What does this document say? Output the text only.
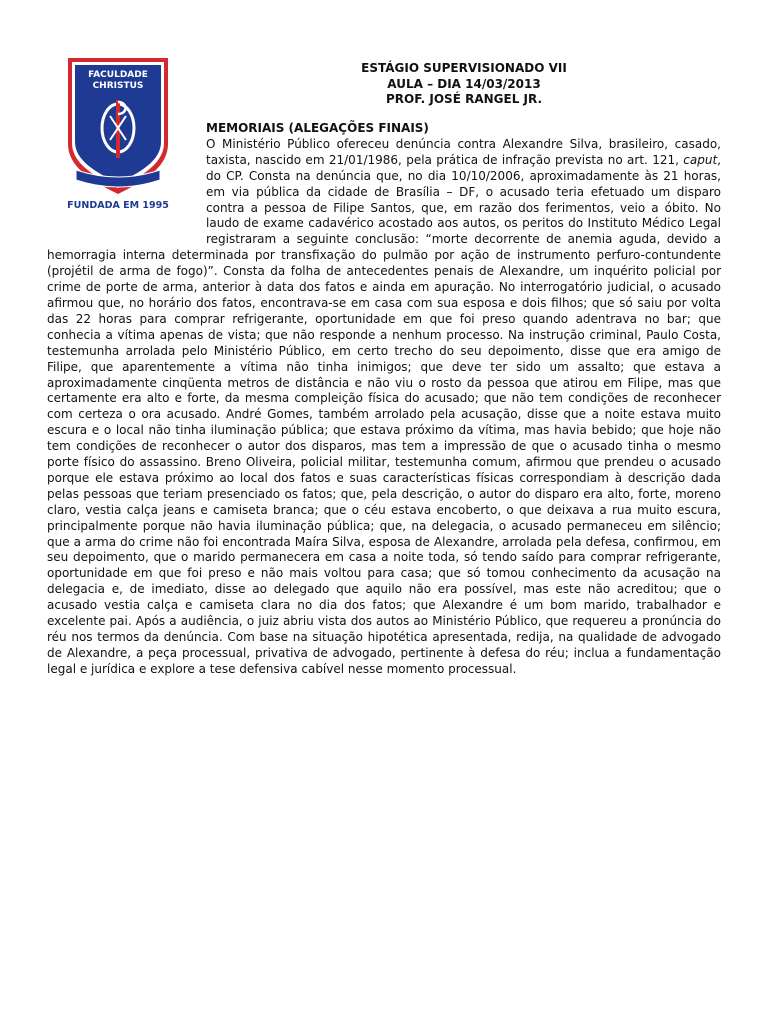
FACULDADE
CHRISTUS
FUNDADA EM 1995
ESTÁGIO SUPERVISIONADO VII
AULA – DIA 14/03/2013
PROF. JOSÉ RANGEL JR.

MEMORIAIS (ALEGAÇÕES FINAIS)

O Ministério Público ofereceu denúncia contra Alexandre Silva, brasileiro, casado, taxista, nascido em 21/01/1986, pela prática de infração prevista no art. 121, caput, do CP. Consta na denúncia que, no dia 10/10/2006, aproximadamente às 21 horas, em via pública da cidade de Brasília – DF, o acusado teria efetuado um disparo contra a pessoa de Filipe Santos, que, em razão dos ferimentos, veio a óbito. No laudo de exame cadavérico acostado aos autos, os peritos do Instituto Médico Legal registraram a seguinte conclusão: “morte decorrente de anemia aguda, devido a hemorragia interna determinada por transfixação do pulmão por ação de instrumento perfuro-contundente (projétil de arma de fogo)”. Consta da folha de antecedentes penais de Alexandre, um inquérito policial por crime de porte de arma, anterior à data dos fatos e ainda em apuração. No interrogatório judicial, o acusado afirmou que, no horário dos fatos, encontrava-se em casa com sua esposa e dois filhos; que só saiu por volta das 22 horas para comprar refrigerante, oportunidade em que foi preso quando adentrava no bar; que conhecia a vítima apenas de vista; que não responde a nenhum processo. Na instrução criminal, Paulo Costa, testemunha arrolada pelo Ministério Público, em certo trecho do seu depoimento, disse que era amigo de Filipe, que aparentemente a vítima não tinha inimigos; que deve ter sido um assalto; que estava a aproximadamente cinqüenta metros de distância e não viu o rosto da pessoa que atirou em Filipe, mas que certamente era alto e forte, da mesma compleição física do acusado; que não tem condições de reconhecer com certeza o ora acusado. André Gomes, também arrolado pela acusação, disse que a noite estava muito escura e o local não tinha iluminação pública; que estava próximo da vítima, mas havia bebido; que hoje não tem condições de reconhecer o autor dos disparos, mas tem a impressão de que o acusado tinha o mesmo porte físico do assassino. Breno Oliveira, policial militar, testemunha comum, afirmou que prendeu o acusado porque ele estava próximo ao local dos fatos e suas características físicas correspondiam à descrição dada pelas pessoas que teriam presenciado os fatos; que, pela descrição, o autor do disparo era alto, forte, moreno claro, vestia calça jeans e camiseta branca; que o céu estava encoberto, o que deixava a rua muito escura, principalmente porque não havia iluminação pública; que, na delegacia, o acusado permaneceu em silêncio; que a arma do crime não foi encontrada Maíra Silva, esposa de Alexandre, arrolada pela defesa, confirmou, em seu depoimento, que o marido permanecera em casa a noite toda, só tendo saído para comprar refrigerante, oportunidade em que foi preso e não mais voltou para casa; que só tomou conhecimento da acusação na delegacia e, de imediato, disse ao delegado que aquilo não era possível, mas este não acreditou; que o acusado vestia calça e camiseta clara no dia dos fatos; que Alexandre é um bom marido, trabalhador e excelente pai. Após a audiência, o juiz abriu vista dos autos ao Ministério Público, que requereu a pronúncia do réu nos termos da denúncia. Com base na situação hipotética apresentada, redija, na qualidade de advogado de Alexandre, a peça processual, privativa de advogado, pertinente à defesa do réu; inclua a fundamentação legal e jurídica e explore a tese defensiva cabível nesse momento processual.
